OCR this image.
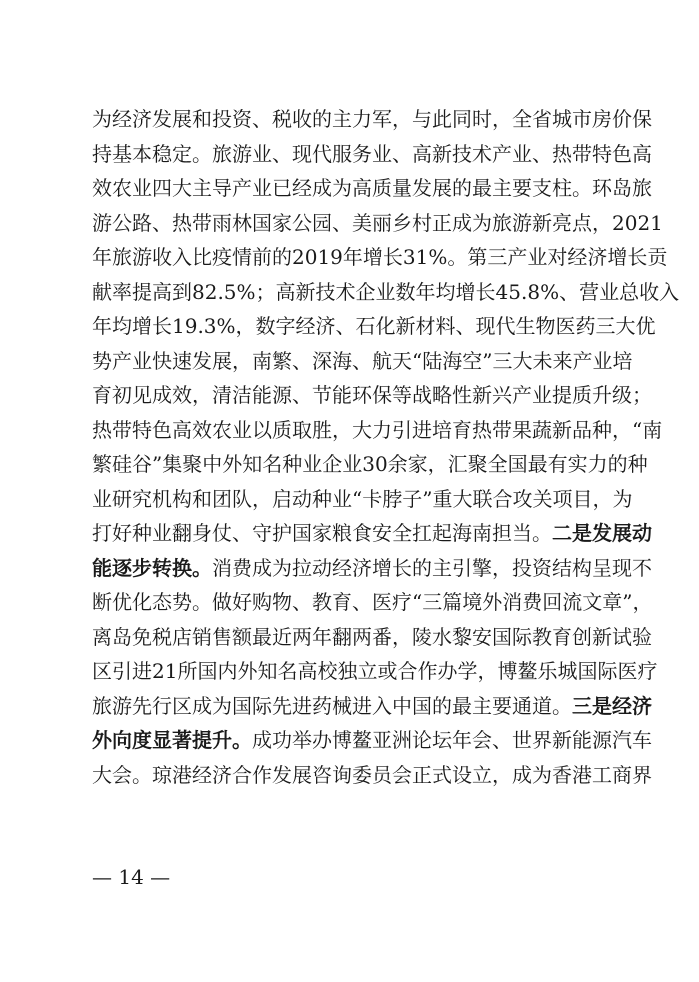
为经济发展和投资、税收的主力军，与此同时，全省城市房价保
持基本稳定。旅游业、现代服务业、高新技术产业、热带特色高
效农业四大主导产业已经成为高质量发展的最主要支柱。环岛旅
游公路、热带雨林国家公园、美丽乡村正成为旅游新亮点，2021
年旅游收入比疫情前的2019年增长31%。第三产业对经济增长贡
献率提高到82.5%；高新技术企业数年均增长45.8%、营业总收入
年均增长19.3%，数字经济、石化新材料、现代生物医药三大优
势产业快速发展，南繁、深海、航天“陆海空”三大未来产业培
育初见成效，清洁能源、节能环保等战略性新兴产业提质升级；
热带特色高效农业以质取胜，大力引进培育热带果蔬新品种，“南
繁硅谷”集聚中外知名种业企业30余家，汇聚全国最有实力的种
业研究机构和团队，启动种业“卡脖子”重大联合攻关项目，为
打好种业翻身仗、守护国家粮食安全扛起海南担当。二是发展动
能逐步转换。消费成为拉动经济增长的主引擎，投资结构呈现不
断优化态势。做好购物、教育、医疗“三篇境外消费回流文章”，
离岛免税店销售额最近两年翻两番，陵水黎安国际教育创新试验
区引进21所国内外知名高校独立或合作办学，博鳌乐城国际医疗
旅游先行区成为国际先进药械进入中国的最主要通道。三是经济
外向度显著提升。成功举办博鳌亚洲论坛年会、世界新能源汽车
大会。琼港经济合作发展咨询委员会正式设立，成为香港工商界
— 14 —
